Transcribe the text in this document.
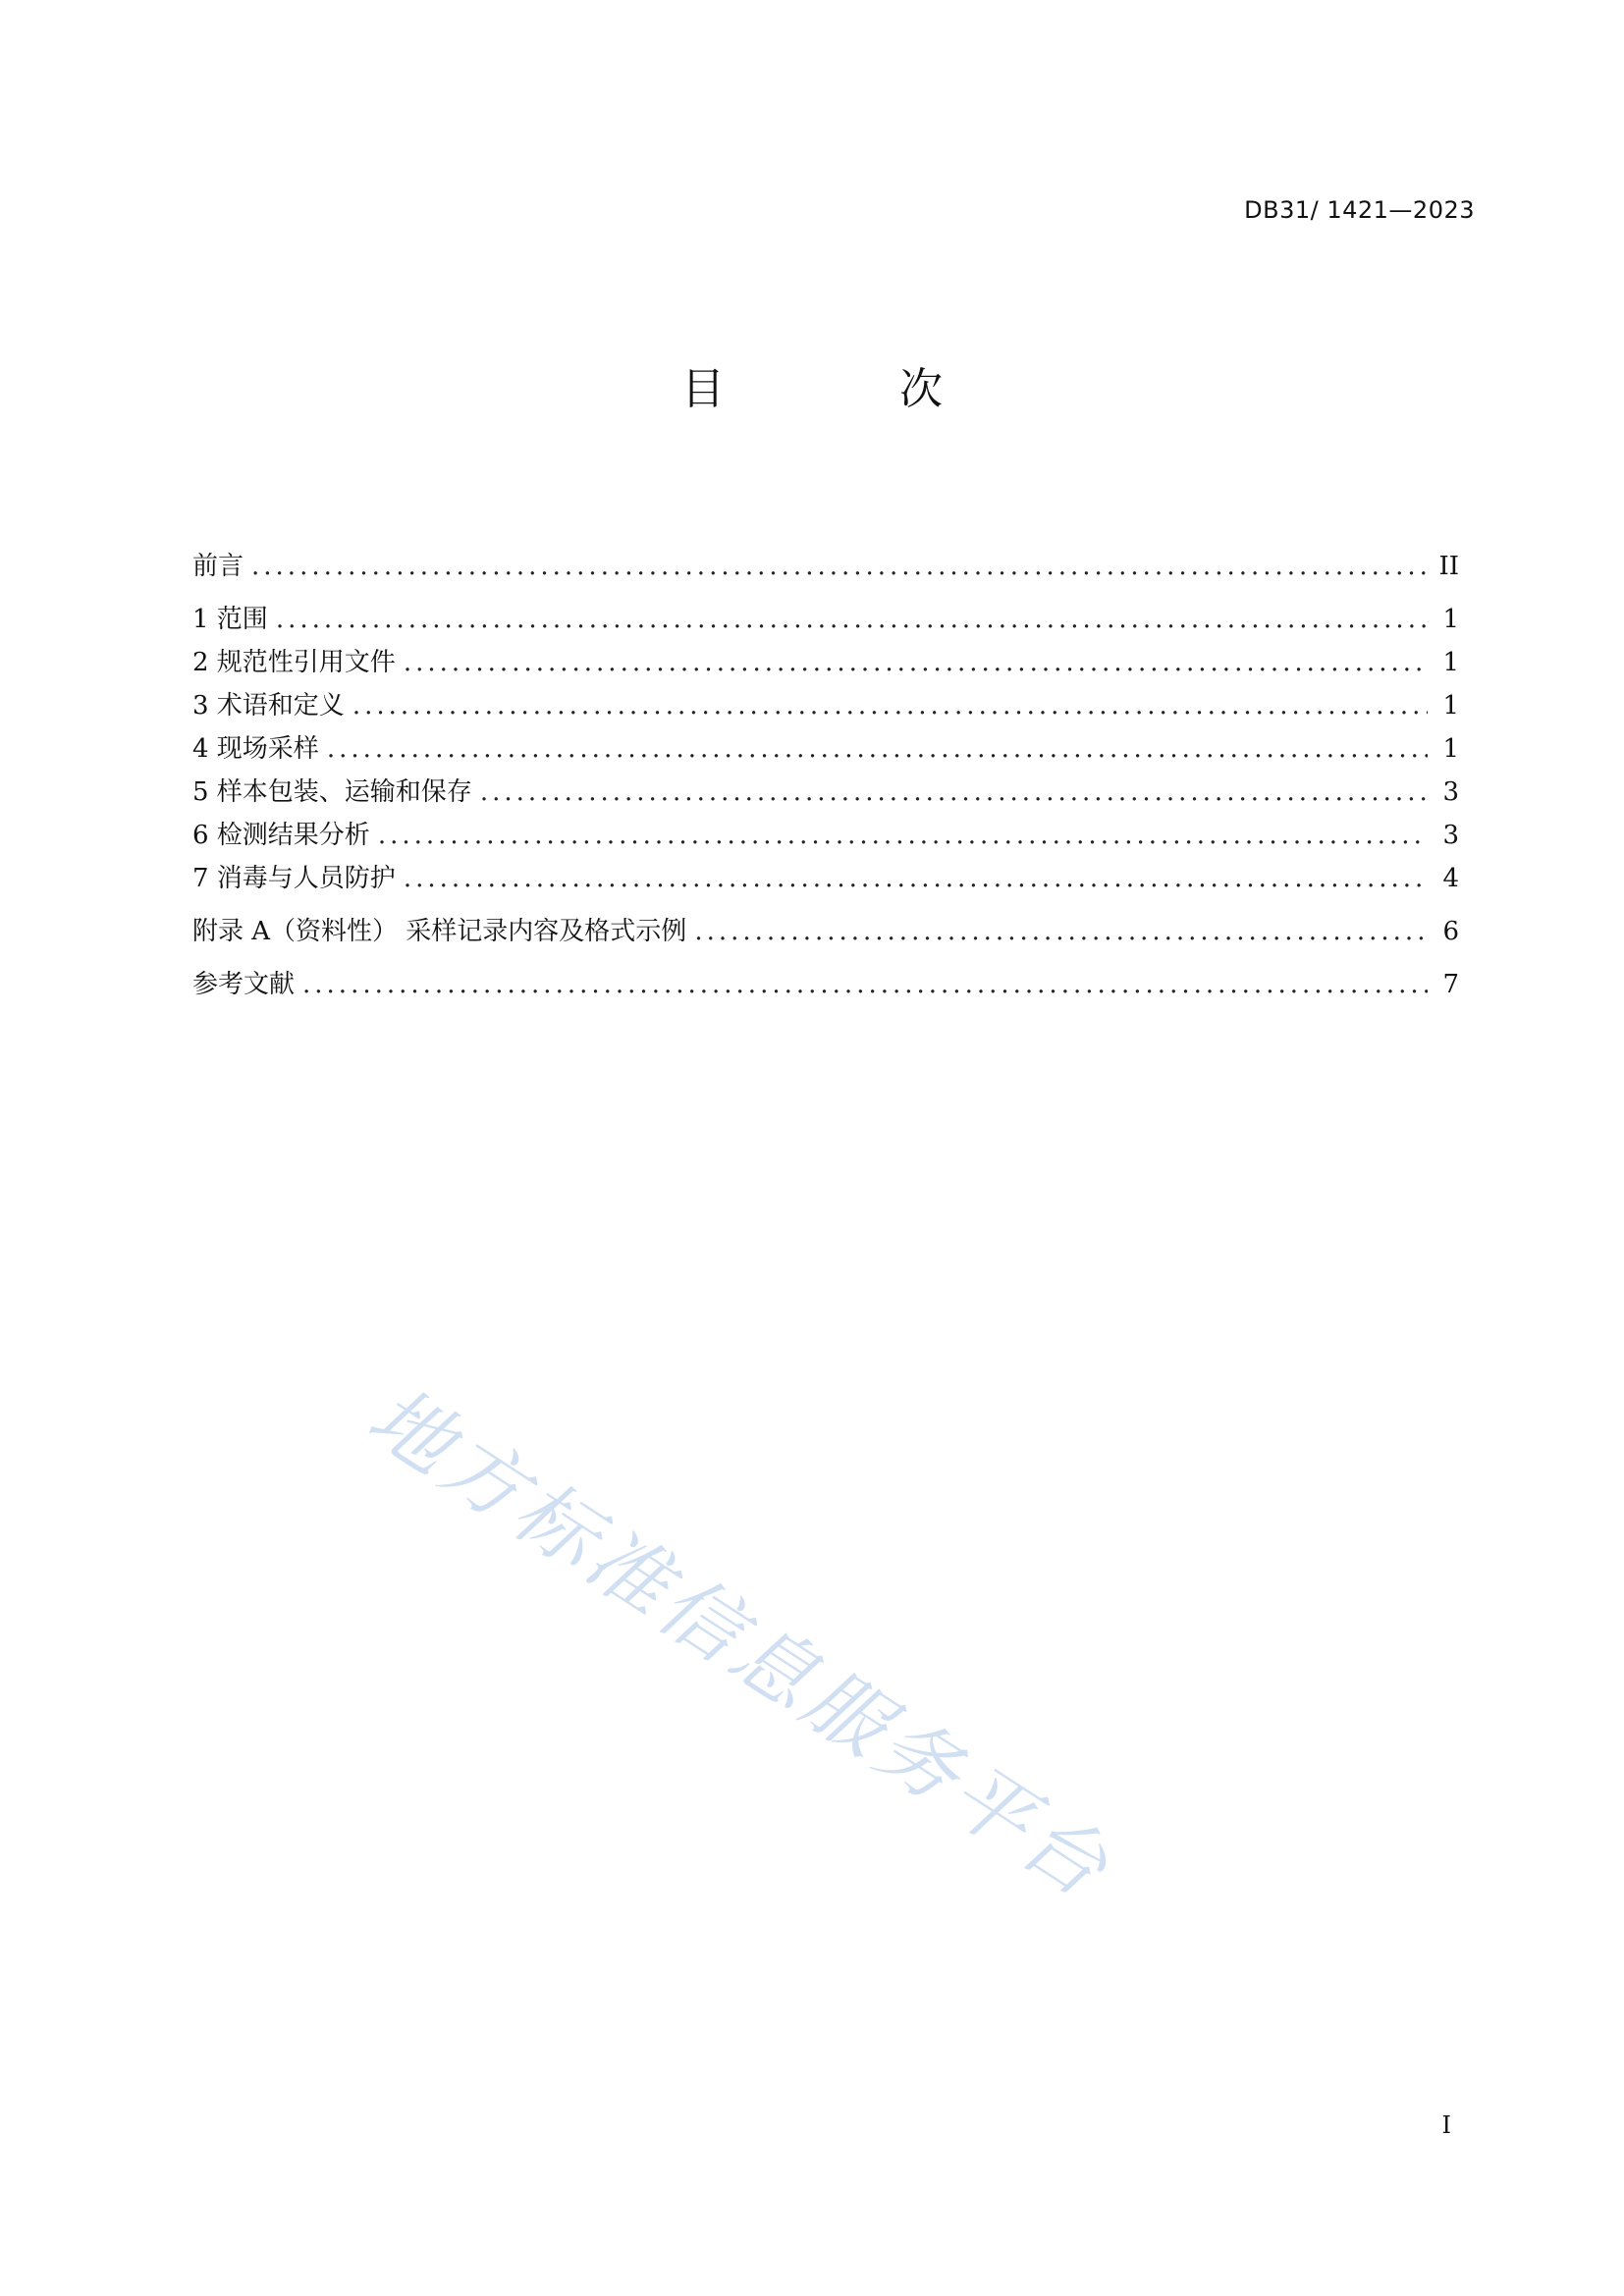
DB31/ 1421—2023
目 次
前言 .....	II
1 范围 .....	1
2 规范性引用文件 .....	1
3 术语和定义 .....	1
4 现场采样 .....	1
5 样本包装、运输和保存 .....	3
6 检测结果分析 .....	3
7 消毒与人员防护 .....	4
附录 A（资料性） 采样记录内容及格式示例 .....	6
参考文献 .....	7
地方标准信息服务平台
I
